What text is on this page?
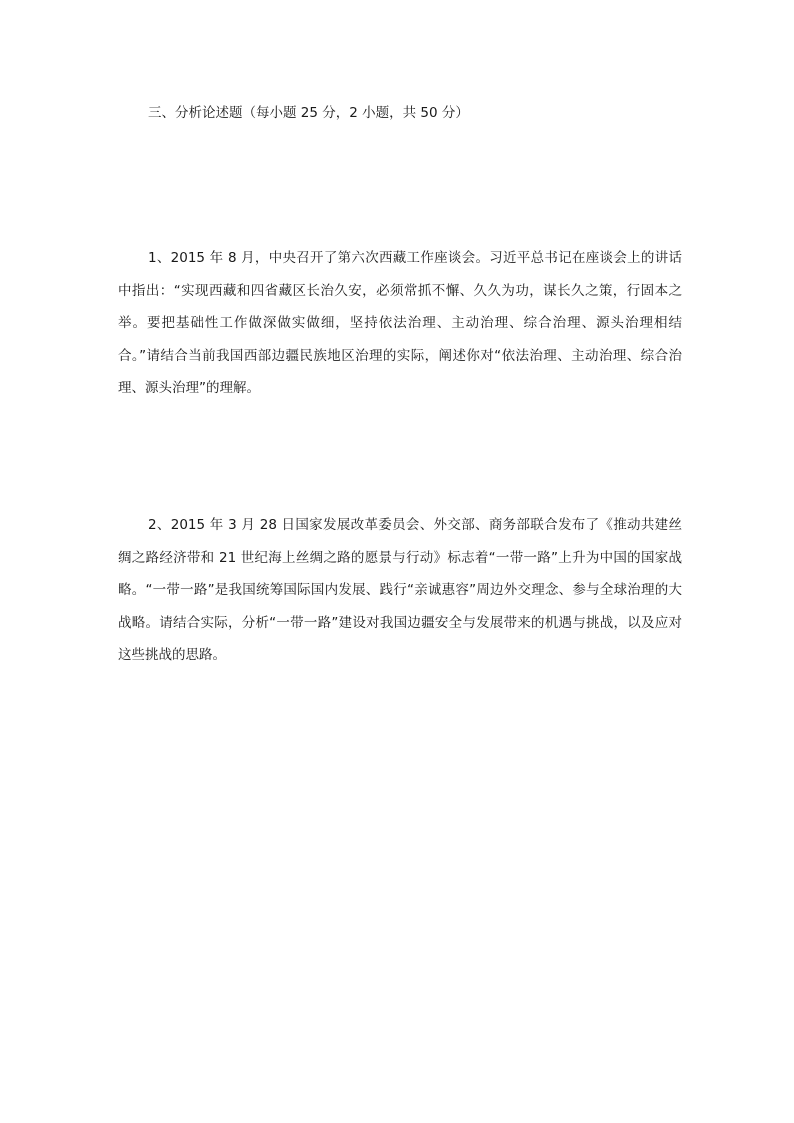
三、分析论述题（每小题 25 分，2 小题，共 50 分）

1、2015 年 8 月，中央召开了第六次西藏工作座谈会。习近平总书记在座谈会上的讲话中指出：“实现西藏和四省藏区长治久安，必须常抓不懈、久久为功，谋长久之策，行固本之举。要把基础性工作做深做实做细，坚持依法治理、主动治理、综合治理、源头治理相结合。”请结合当前我国西部边疆民族地区治理的实际，阐述你对“依法治理、主动治理、综合治理、源头治理”的理解。

2、2015 年 3 月 28 日国家发展改革委员会、外交部、商务部联合发布了《推动共建丝绸之路经济带和 21 世纪海上丝绸之路的愿景与行动》标志着“一带一路”上升为中国的国家战略。“一带一路”是我国统筹国际国内发展、践行“亲诚惠容”周边外交理念、参与全球治理的大战略。请结合实际，分析“一带一路”建设对我国边疆安全与发展带来的机遇与挑战，以及应对这些挑战的思路。
